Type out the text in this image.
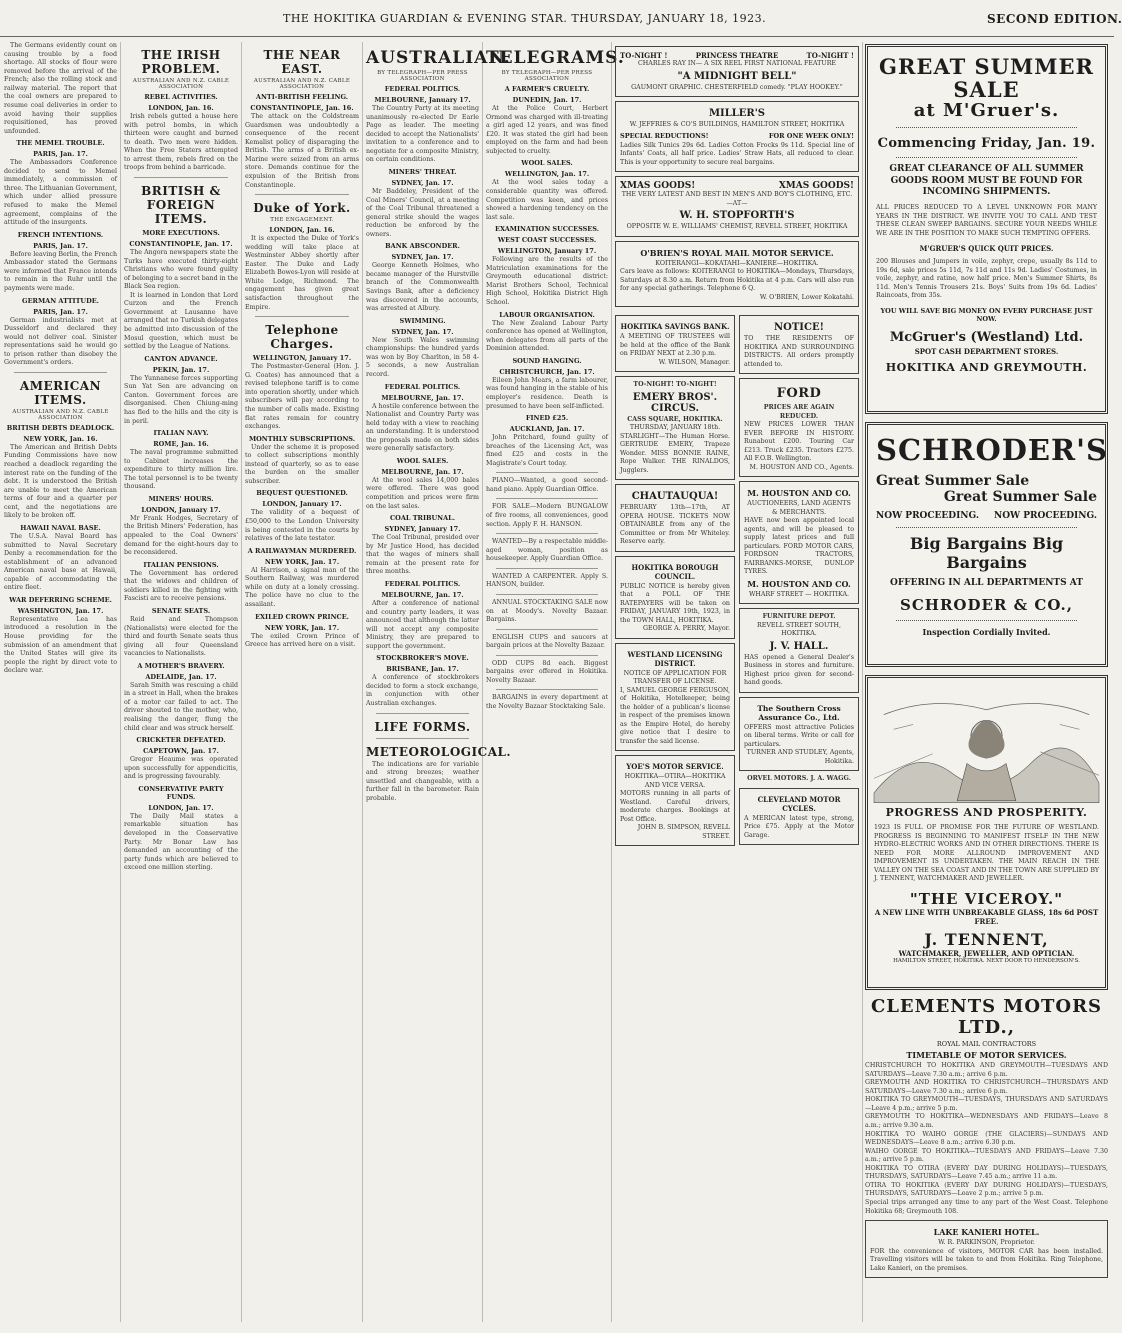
THE HOKITIKA GUARDIAN & EVENING STAR. THURSDAY, JANUARY 18, 1923.	SECOND EDITION.
The Germans evidently count on causing trouble by a food shortage. All stocks of flour were removed before the arrival of the French; also the rolling stock and railway material. The report that the coal owners are prepared to resume coal deliveries in order to avoid having their supplies requisitioned, has proved unfounded.
THE MEMEL TROUBLE.
PARIS, Jan. 17.
The Ambassadors Conference decided to send to Memel immediately, a commission of three. The Lithuanian Government, which under allied pressure refused to make the Memel agreement, complains of the attitude of the insurgents.
FRENCH INTENTIONS.
PARIS, Jan. 17.
Before leaving Berlin, the French Ambassador stated the Germans were informed that France intends to remain in the Ruhr until the payments were made.
GERMAN ATTITUDE.
PARIS, Jan. 17.
German industrialists met at Dusseldorf and declared they would not deliver coal. Sinister representations said he would go to prison rather than disobey the Government's orders.
AMERICAN ITEMS.
AUSTRALIAN AND N.Z. CABLE ASSOCIATION
BRITISH DEBTS DEADLOCK.
NEW YORK, Jan. 16.
The American and British Debts Funding Commissions have now reached a deadlock regarding the interest rate on the funding of the debt. It is understood the British are unable to meet the American terms of four and a quarter per cent, and the negotiations are likely to be broken off.
HAWAII NAVAL BASE.
The U.S.A. Naval Board has submitted to Naval Secretary Denby a recommendation for the establishment of an advanced American naval base at Hawaii, capable of accommodating the entire fleet.
WAR DEFERRING SCHEME.
WASHINGTON, Jan. 17.
Representative Lea has introduced a resolution in the House providing for the submission of an amendment that the United States will give its people the right by direct vote to declare war.
THE IRISH PROBLEM.
AUSTRALIAN AND N.Z. CABLE ASSOCIATION
REBEL ACTIVITIES.
LONDON, Jan. 16.
Irish rebels gutted a house here with petrol bombs, in which thirteen were caught and burned to death. Two men were hidden. When the Free Staters attempted to arrest them, rebels fired on the troops from behind a barricade.
BRITISH & FOREIGN ITEMS.
MORE EXECUTIONS.
CONSTANTINOPLE, Jan. 17.
The Angora newspapers state the Turks have executed thirty-eight Christians who were found guilty of belonging to a secret band in the Black Sea region.
It is learned in London that Lord Curzon and the French Government at Lausanne have arranged that no Turkish delegates be admitted into discussion of the Mosul question, which must be settled by the League of Nations.
CANTON ADVANCE.
PEKIN, Jan. 17.
The Yunnanese forces supporting Sun Yat Sen are advancing on Canton. Government forces are disorganised. Chen Chiung-ming has fled to the hills and the city is in peril.
ITALIAN NAVY.
ROME, Jan. 16.
The naval programme submitted to Cabinet increases the expenditure to thirty million lire. The total personnel is to be twenty thousand.
MINERS' HOURS.
LONDON, January 17.
Mr Frank Hodges, Secretary of the British Miners' Federation, has appealed to the Coal Owners' demand for the eight-hours day to be reconsidered.
ITALIAN PENSIONS.
The Government has ordered that the widows and children of soldiers killed in the fighting with Fascisti are to receive pensions.
SENATE SEATS.
Reid and Thompson (Nationalists) were elected for the third and fourth Senate seats thus giving all four Queensland vacancies to Nationalists.
A MOTHER'S BRAVERY.
ADELAIDE, Jan. 17.
Sarah Smith was rescuing a child in a street in Hall, when the brakes of a motor car failed to act. The driver shouted to the mother, who, realising the danger, flung the child clear and was struck herself.
CRICKETER DEFEATED.
CAPETOWN, Jan. 17.
Gregor Heaume was operated upon successfully for appendicitis, and is progressing favourably.
CONSERVATIVE PARTY FUNDS.
LONDON, Jan. 17.
The Daily Mail states a remarkable situation has developed in the Conservative Party. Mr Bonar Law has demanded an accounting of the party funds which are believed to exceed one million sterling.
THE NEAR EAST.
AUSTRALIAN AND N.Z. CABLE ASSOCIATION
ANTI-BRITISH FEELING.
CONSTANTINOPLE, Jan. 16.
The attack on the Coldstream Guardsmen was undoubtedly a consequence of the recent Kemalist policy of disparaging the British. The arms of a British ex-Marine were seized from an arms store. Demands continue for the expulsion of the British from Constantinople.
Duke of York.
THE ENGAGEMENT.
LONDON, Jan. 16.
It is expected the Duke of York's wedding will take place at Westminster Abbey shortly after Easter. The Duke and Lady Elizabeth Bowes-Lyon will reside at White Lodge, Richmond. The engagement has given great satisfaction throughout the Empire.
Telephone Charges.
WELLINGTON, January 17.
The Postmaster-General (Hon. J. G. Coates) has announced that a revised telephone tariff is to come into operation shortly, under which subscribers will pay according to the number of calls made. Existing flat rates remain for country exchanges.
MONTHLY SUBSCRIPTIONS.
Under the scheme it is proposed to collect subscriptions monthly instead of quarterly, so as to ease the burden on the smaller subscriber.
BEQUEST QUESTIONED.
LONDON, January 17.
The validity of a bequest of £50,000 to the London University is being contested in the courts by relatives of the late testator.
A RAILWAYMAN MURDERED.
NEW YORK, Jan. 17.
Al Harrison, a signal man of the Southern Railway, was murdered while on duty at a lonely crossing. The police have no clue to the assailant.
EXILED CROWN PRINCE.
NEW YORK, Jan. 17.
The exiled Crown Prince of Greece has arrived here on a visit.
AUSTRALIAN.
BY TELEGRAPH—PER PRESS ASSOCIATION
FEDERAL POLITICS.
MELBOURNE, January 17.
The Country Party at its meeting unanimously re-elected Dr Earle Page as leader. The meeting decided to accept the Nationalists' invitation to a conference and to negotiate for a composite Ministry, on certain conditions.
MINERS' THREAT.
SYDNEY, Jan. 17.
Mr Baddeley, President of the Coal Miners' Council, at a meeting of the Coal Tribunal threatened a general strike should the wages reduction be enforced by the owners.
BANK ABSCONDER.
SYDNEY, Jan. 17.
George Kenneth Holmes, who became manager of the Hurstville branch of the Commonwealth Savings Bank, after a deficiency was discovered in the accounts, was arrested at Albury.
SWIMMING.
SYDNEY, Jan. 17.
New South Wales swimming championships: the hundred yards was won by Boy Charlton, in 58 4-5 seconds, a new Australian record.
FEDERAL POLITICS.
MELBOURNE, Jan. 17.
A hostile conference between the Nationalist and Country Party was held today with a view to reaching an understanding. It is understood the proposals made on both sides were generally satisfactory.
WOOL SALES.
MELBOURNE, Jan. 17.
At the wool sales 14,000 bales were offered. There was good competition and prices were firm on the last sales.
COAL TRIBUNAL.
SYDNEY, January 17.
The Coal Tribunal, presided over by Mr Justice Hood, has decided that the wages of miners shall remain at the present rate for three months.
FEDERAL POLITICS.
MELBOURNE, Jan. 17.
After a conference of national and country party leaders, it was announced that although the latter will not accept any composite Ministry, they are prepared to support the government.
STOCKBROKER'S MOVE.
BRISBANE, Jan. 17.
A conference of stockbrokers decided to form a stock exchange, in conjunction with other Australian exchanges.
LIFE FORMS.
METEOROLOGICAL.
The indications are for variable and strong breezes; weather unsettled and changeable, with a further fall in the barometer. Rain probable.
TELEGRAMS.
BY TELEGRAPH—PER PRESS ASSOCIATION
A FARMER'S CRUELTY.
DUNEDIN, Jan. 17.
At the Police Court, Herbert Ormond was charged with ill-treating a girl aged 12 years, and was fined £20. It was stated the girl had been employed on the farm and had been subjected to cruelty.
WOOL SALES.
WELLINGTON, Jan. 17.
At the wool sales today a considerable quantity was offered. Competition was keen, and prices showed a hardening tendency on the last sale.
EXAMINATION SUCCESSES.
WEST COAST SUCCESSES.
WELLINGTON, January 17.
Following are the results of the Matriculation examinations for the Greymouth educational district: Marist Brothers School, Technical High School, Hokitika District High School.
LABOUR ORGANISATION.
The New Zealand Labour Party conference has opened at Wellington, when delegates from all parts of the Dominion attended.
SOUND HANGING.
CHRISTCHURCH, Jan. 17.
Eileen John Mears, a farm labourer, was found hanging in the stable of his employer's residence. Death is presumed to have been self-inflicted.
FINED £25.
AUCKLAND, Jan. 17.
John Pritchard, found guilty of breaches of the Licensing Act, was fined £25 and costs in the Magistrate's Court today.
PIANO—Wanted, a good second-hand piano. Apply Guardian Office.
FOR SALE—Modern BUNGALOW of five rooms, all conveniences, good section. Apply F. H. HANSON.
WANTED—By a respectable middle-aged woman, position as housekeeper. Apply Guardian Office.
WANTED A CARPENTER. Apply S. HANSON, builder.
ANNUAL STOCKTAKING SALE now on at Moody's. Novelty Bazaar. Bargains.
ENGLISH CUPS and saucers at bargain prices at the Novelty Bazaar.
ODD CUPS 8d each. Biggest bargains ever offered in Hokitika. Novelty Bazaar.
BARGAINS in every department at the Novelty Bazaar Stocktaking Sale.
TO-NIGHT !	PRINCESS THEATRE	TO-NIGHT !
CHARLES RAY IN— A SIX REEL FIRST NATIONAL FEATURE
"A MIDNIGHT BELL"
GAUMONT GRAPHIC. CHESTERFIELD comedy. "PLAY HOOKEY."
MILLER'S
W. JEFFRIES & CO'S BUILDINGS, HAMILTON STREET, HOKITIKA
SPECIAL REDUCTIONS!	FOR ONE WEEK ONLY!
Ladies Silk Tunics 29s 6d. Ladies Cotton Frocks 9s 11d. Special line of Infants' Coats, all half price. Ladies' Straw Hats, all reduced to clear. This is your opportunity to secure real bargains.
XMAS GOODS!	XMAS GOODS!
THE VERY LATEST AND BEST IN MEN'S AND BOY'S CLOTHING, ETC.
—AT—
W. H. STOPFORTH'S
OPPOSITE W. E. WILLIAMS' CHEMIST, REVELL STREET, HOKITIKA
O'BRIEN'S ROYAL MAIL MOTOR SERVICE.
KOITERANGI—KOKATAHI—KANIERE—HOKITIKA.
Cars leave as follows: KOITERANGI to HOKITIKA—Mondays, Thursdays, Saturdays at 8.30 a.m. Return from Hokitika at 4 p.m. Cars will also run for any special gatherings. Telephone 6 Q.
W. O'BRIEN, Lower Kokatahi.
HOKITIKA SAVINGS BANK.
A MEETING OF TRUSTEES will be held at the office of the Bank on FRIDAY NEXT at 2.30 p.m.
W. WILSON, Manager.
TO-NIGHT! TO-NIGHT!
EMERY BROS'. CIRCUS.
CASS SQUARE, HOKITIKA.
THURSDAY, JANUARY 18th.
STARLIGHT—The Human Horse. GERTRUDE EMERY, Trapeze Wonder. MISS BONNIE RAINE, Rope Walker. THE RINALDOS, Jugglers.
CHAUTAUQUA!
FEBRUARY 13th—17th, AT OPERA HOUSE. TICKETS NOW OBTAINABLE from any of the Committee or from Mr Whiteley. Reserve early.
HOKITIKA BOROUGH COUNCIL.
PUBLIC NOTICE is hereby given that a POLL OF THE RATEPAYERS will be taken on FRIDAY, JANUARY 19th, 1923, in the TOWN HALL, HOKITIKA.
GEORGE A. PERRY, Mayor.
WESTLAND LICENSING DISTRICT.
NOTICE OF APPLICATION FOR TRANSFER OF LICENSE.
I, SAMUEL GEORGE FERGUSON, of Hokitika, Hotelkeeper, being the holder of a publican's license in respect of the premises known as the Empire Hotel, do hereby give notice that I desire to transfer the said license.
YOE'S MOTOR SERVICE.
HOKITIKA—OTIRA—HOKITIKA AND VICE VERSA.
MOTORS running in all parts of Westland. Careful drivers, moderate charges. Bookings at Post Office.
JOHN B. SIMPSON, REVELL STREET.
NOTICE!
TO THE RESIDENTS OF HOKITIKA AND SURROUNDING DISTRICTS. All orders promptly attended to.
FORD
PRICES ARE AGAIN REDUCED.
NEW PRICES LOWER THAN EVER BEFORE IN HISTORY. Runabout £200. Touring Car £213. Truck £235. Tractors £275. All F.O.B. Wellington.
M. HOUSTON AND CO., Agents.
M. HOUSTON AND CO.
AUCTIONEERS, LAND AGENTS & MERCHANTS.
HAVE now been appointed local agents, and will be pleased to supply latest prices and full particulars. FORD MOTOR CARS, FORDSON TRACTORS, FAIRBANKS-MORSE, DUNLOP TYRES.
M. HOUSTON AND CO.
WHARF STREET — HOKITIKA.
FURNITURE DEPOT.
REVELL STREET SOUTH, HOKITIKA.
J. V. HALL.
HAS opened a General Dealer's Business in stores and furniture. Highest price given for second-hand goods.
The Southern Cross Assurance Co., Ltd.
OFFERS most attractive Policies on liberal terms. Write or call for particulars.
TURNER AND STUDLEY, Agents, Hokitika.
ORVEL MOTORS. J. A. WAGG.
CLEVELAND MOTOR CYCLES.
A MERICAN latest type, strong, Price £75. Apply at the Motor Garage.
GREAT SUMMER SALE
at M'Gruer's.
Commencing Friday, Jan. 19.
GREAT CLEARANCE OF ALL SUMMER GOODS ROOM MUST BE FOUND FOR INCOMING SHIPMENTS.
ALL PRICES REDUCED TO A LEVEL UNKNOWN FOR MANY YEARS IN THE DISTRICT. WE INVITE YOU TO CALL AND TEST THESE CLEAN SWEEP BARGAINS. SECURE YOUR NEEDS WHILE WE ARE IN THE POSITION TO MAKE SUCH TEMPTING OFFERS.
M'GRUER'S QUICK QUIT PRICES.
200 Blouses and Jumpers in voile, zephyr, crepe, usually 8s 11d to 19s 6d, sale prices 5s 11d, 7s 11d and 11s 9d. Ladies' Costumes, in voile, zephyr, and ratine, now half price. Men's Summer Shirts, 8s 11d. Men's Tennis Trousers 21s. Boys' Suits from 19s 6d. Ladies' Raincoats, from 35s.
YOU WILL SAVE BIG MONEY ON EVERY PURCHASE JUST NOW.
McGruer's (Westland) Ltd.
SPOT CASH DEPARTMENT STORES.
HOKITIKA AND GREYMOUTH.
SCHRODER'S
Great Summer Sale
Great Summer Sale
NOW PROCEEDING. NOW PROCEEDING.
Big Bargains Big Bargains
OFFERING IN ALL DEPARTMENTS AT
SCHRODER & CO.,
Inspection Cordially Invited.
PROGRESS AND PROSPERITY.
1923 IS FULL OF PROMISE FOR THE FUTURE OF WESTLAND. PROGRESS IS BEGINNING TO MANIFEST ITSELF IN THE NEW HYDRO-ELECTRIC WORKS AND IN OTHER DIRECTIONS. THERE IS NEED FOR MORE ALLROUND IMPROVEMENT AND IMPROVEMENT IS UNDERTAKEN. THE MAIN REACH IN THE VALLEY ON THE SEA COAST AND IN THE TOWN ARE SUPPLIED BY J. TENNENT, WATCHMAKER AND JEWELLER.
"THE VICEROY."
A NEW LINE WITH UNBREAKABLE GLASS, 18s 6d POST FREE.
J. TENNENT,
WATCHMAKER, JEWELLER, AND OPTICIAN.
HAMILTON STREET, HOKITIKA. NEXT DOOR TO HENDERSON'S.
CLEMENTS MOTORS LTD.,
ROYAL MAIL CONTRACTORS
TIMETABLE OF MOTOR SERVICES.
CHRISTCHURCH TO HOKITIKA AND GREYMOUTH—TUESDAYS AND SATURDAYS—Leave 7.30 a.m.; arrive 6 p.m.
GREYMOUTH AND HOKITIKA TO CHRISTCHURCH—THURSDAYS AND SATURDAYS—Leave 7.30 a.m.; arrive 6 p.m.
HOKITIKA TO GREYMOUTH—TUESDAYS, THURSDAYS AND SATURDAYS—Leave 4 p.m.; arrive 5 p.m.
GREYMOUTH TO HOKITIKA—WEDNESDAYS AND FRIDAYS—Leave 8 a.m.; arrive 9.30 a.m.
HOKITIKA TO WAIHO GORGE (THE GLACIERS)—SUNDAYS AND WEDNESDAYS—Leave 8 a.m.; arrive 6.30 p.m.
WAIHO GORGE TO HOKITIKA—TUESDAYS AND FRIDAYS—Leave 7.30 a.m.; arrive 5 p.m.
HOKITIKA TO OTIRA (EVERY DAY DURING HOLIDAYS)—TUESDAYS, THURSDAYS, SATURDAYS—Leave 7.45 a.m.; arrive 11 a.m.
OTIRA TO HOKITIKA (EVERY DAY DURING HOLIDAYS)—TUESDAYS, THURSDAYS, SATURDAYS—Leave 2 p.m.; arrive 5 p.m.
Special trips arranged any time to any part of the West Coast. Telephone Hokitika 68; Greymouth 108.
LAKE KANIERI HOTEL.
W. R. PARKINSON, Proprietor.
FOR the convenience of visitors, MOTOR CAR has been installed. Travelling visitors will be taken to and from Hokitika. Ring Telephone, Lake Kanieri, on the premises.
